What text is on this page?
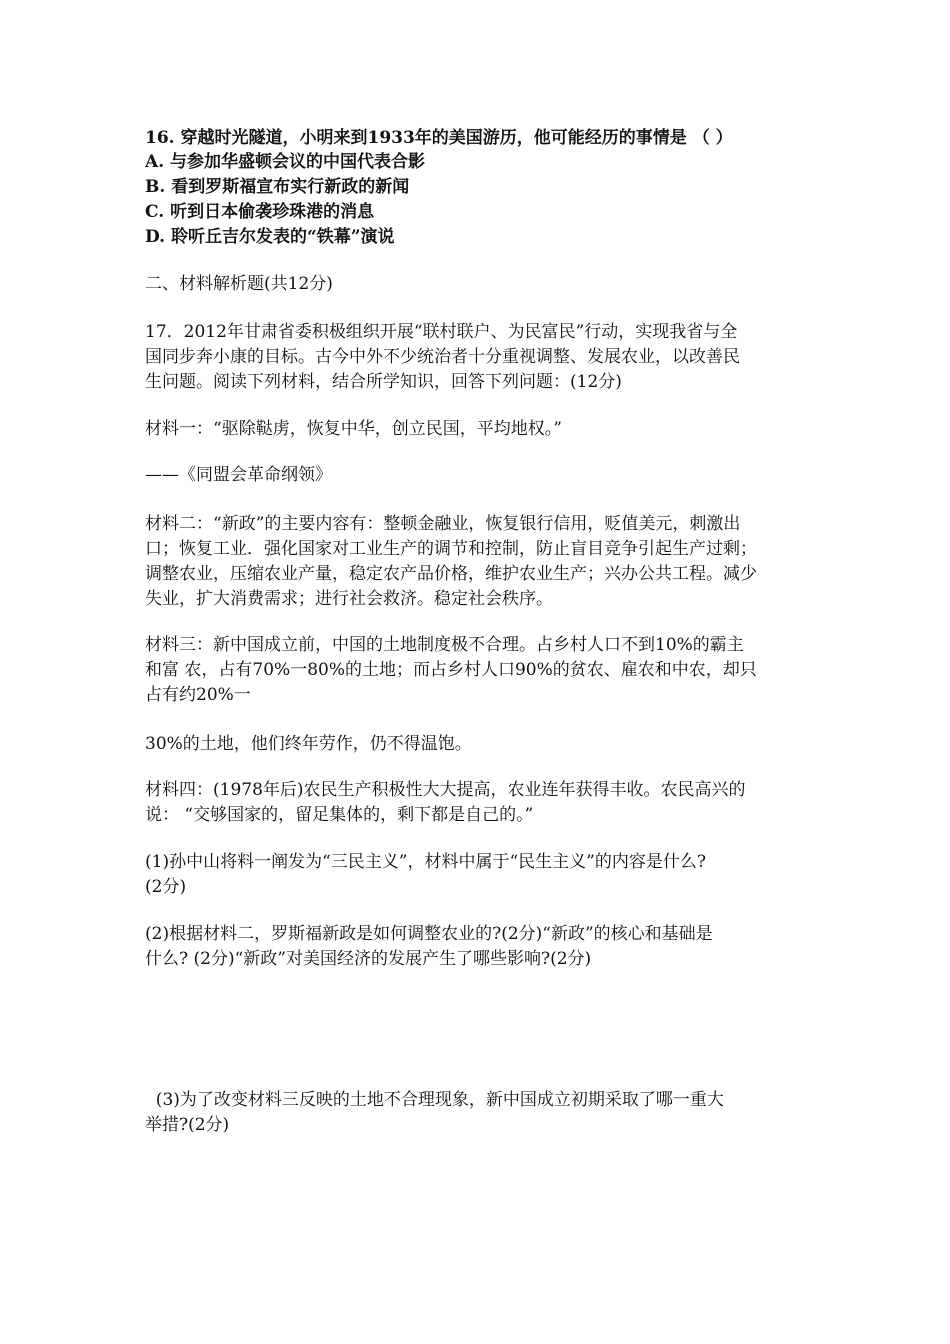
16. 穿越时光隧道，小明来到1933年的美国游历，他可能经历的事情是 （ ）
A. 与参加华盛顿会议的中国代表合影
B. 看到罗斯福宣布实行新政的新闻
C. 听到日本偷袭珍珠港的消息
D. 聆听丘吉尔发表的“铁幕”演说
二、材料解析题(共12分)
17．2012年甘肃省委积极组织开展“联村联户、为民富民”行动，实现我省与全
国同步奔小康的目标。古今中外不少统治者十分重视调整、发展农业，以改善民
生问题。阅读下列材料，结合所学知识，回答下列问题：(12分)
材料一：“驱除鞑虏，恢复中华，创立民国，平均地权。”
——《同盟会革命纲领》
材料二：“新政”的主要内容有：整顿金融业，恢复银行信用，贬值美元，刺激出
口；恢复工业．强化国家对工业生产的调节和控制，防止盲目竞争引起生产过剩；
调整农业，压缩农业产量，稳定农产品价格，维护农业生产；兴办公共工程。减少
失业，扩大消费需求；进行社会救济。稳定社会秩序。
材料三：新中国成立前，中国的土地制度极不合理。占乡村人口不到10%的霸主
和富 农，占有70%一80%的土地；而占乡村人口90%的贫农、雇农和中农，却只
占有约20%一
30%的土地，他们终年劳作，仍不得温饱。
材料四：(1978年后)农民生产积极性大大提高，农业连年获得丰收。农民高兴的
说： “交够国家的，留足集体的，剩下都是自己的。”
(1)孙中山将料一阐发为“三民主义”，材料中属于“民生主义”的内容是什么?
(2分)
(2)根据材料二，罗斯福新政是如何调整农业的?(2分)“新政”的核心和基础是
什么? (2分)“新政”对美国经济的发展产生了哪些影响?(2分)
(3)为了改变材料三反映的土地不合理现象，新中国成立初期采取了哪一重大
举措?(2分)
